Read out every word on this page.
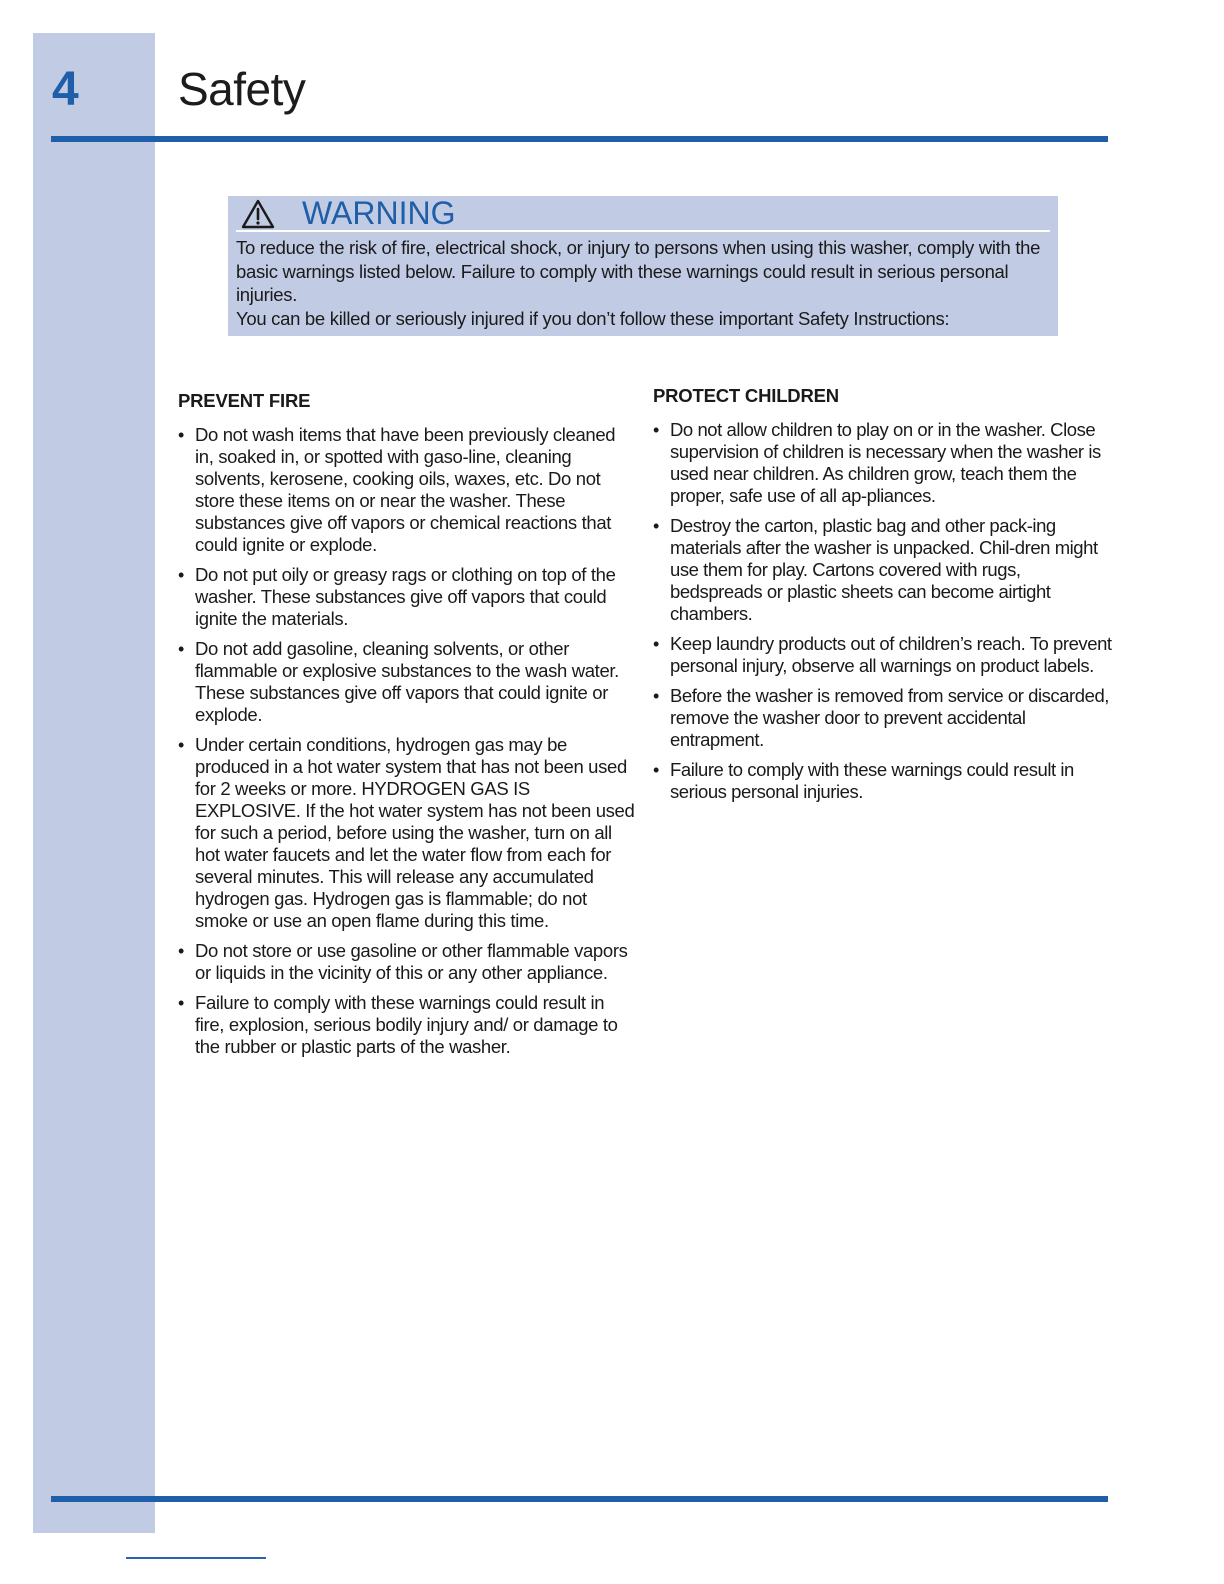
4 Safety
WARNING

To reduce the risk of fire, electrical shock, or injury to persons when using this washer, comply with the basic warnings listed below. Failure to comply with these warnings could result in serious personal injuries.

You can be killed or seriously injured if you don’t follow these important Safety Instructions:

PREVENT FIRE
• Do not wash items that have been previously cleaned in, soaked in, or spotted with gaso-line, cleaning solvents, kerosene, cooking oils, waxes, etc. Do not store these items on or near the washer. These substances give off vapors or chemical reactions that could ignite or explode.
• Do not put oily or greasy rags or clothing on top of the washer. These substances give off vapors that could ignite the materials.
• Do not add gasoline, cleaning solvents, or other flammable or explosive substances to the wash water. These substances give off vapors that could ignite or explode.
• Under certain conditions, hydrogen gas may be produced in a hot water system that has not been used for 2 weeks or more. HYDROGEN GAS IS EXPLOSIVE. If the hot water system has not been used for such a period, before using the washer, turn on all hot water faucets and let the water flow from each for several minutes. This will release any accumulated hydrogen gas. Hydrogen gas is flammable; do not smoke or use an open flame during this time.
• Do not store or use gasoline or other flammable vapors or liquids in the vicinity of this or any other appliance.
• Failure to comply with these warnings could result in fire, explosion, serious bodily injury and/ or damage to the rubber or plastic parts of the washer.
PROTECT CHILDREN
• Do not allow children to play on or in the washer. Close supervision of children is necessary when the washer is used near children. As children grow, teach them the proper, safe use of all ap-pliances.
• Destroy the carton, plastic bag and other pack-ing materials after the washer is unpacked. Chil-dren might use them for play. Cartons covered with rugs, bedspreads or plastic sheets can become airtight chambers.
• Keep laundry products out of children’s reach. To prevent personal injury, observe all warnings on product labels.
• Before the washer is removed from service or discarded, remove the washer door to prevent accidental entrapment.
• Failure to comply with these warnings could result in serious personal injuries.
